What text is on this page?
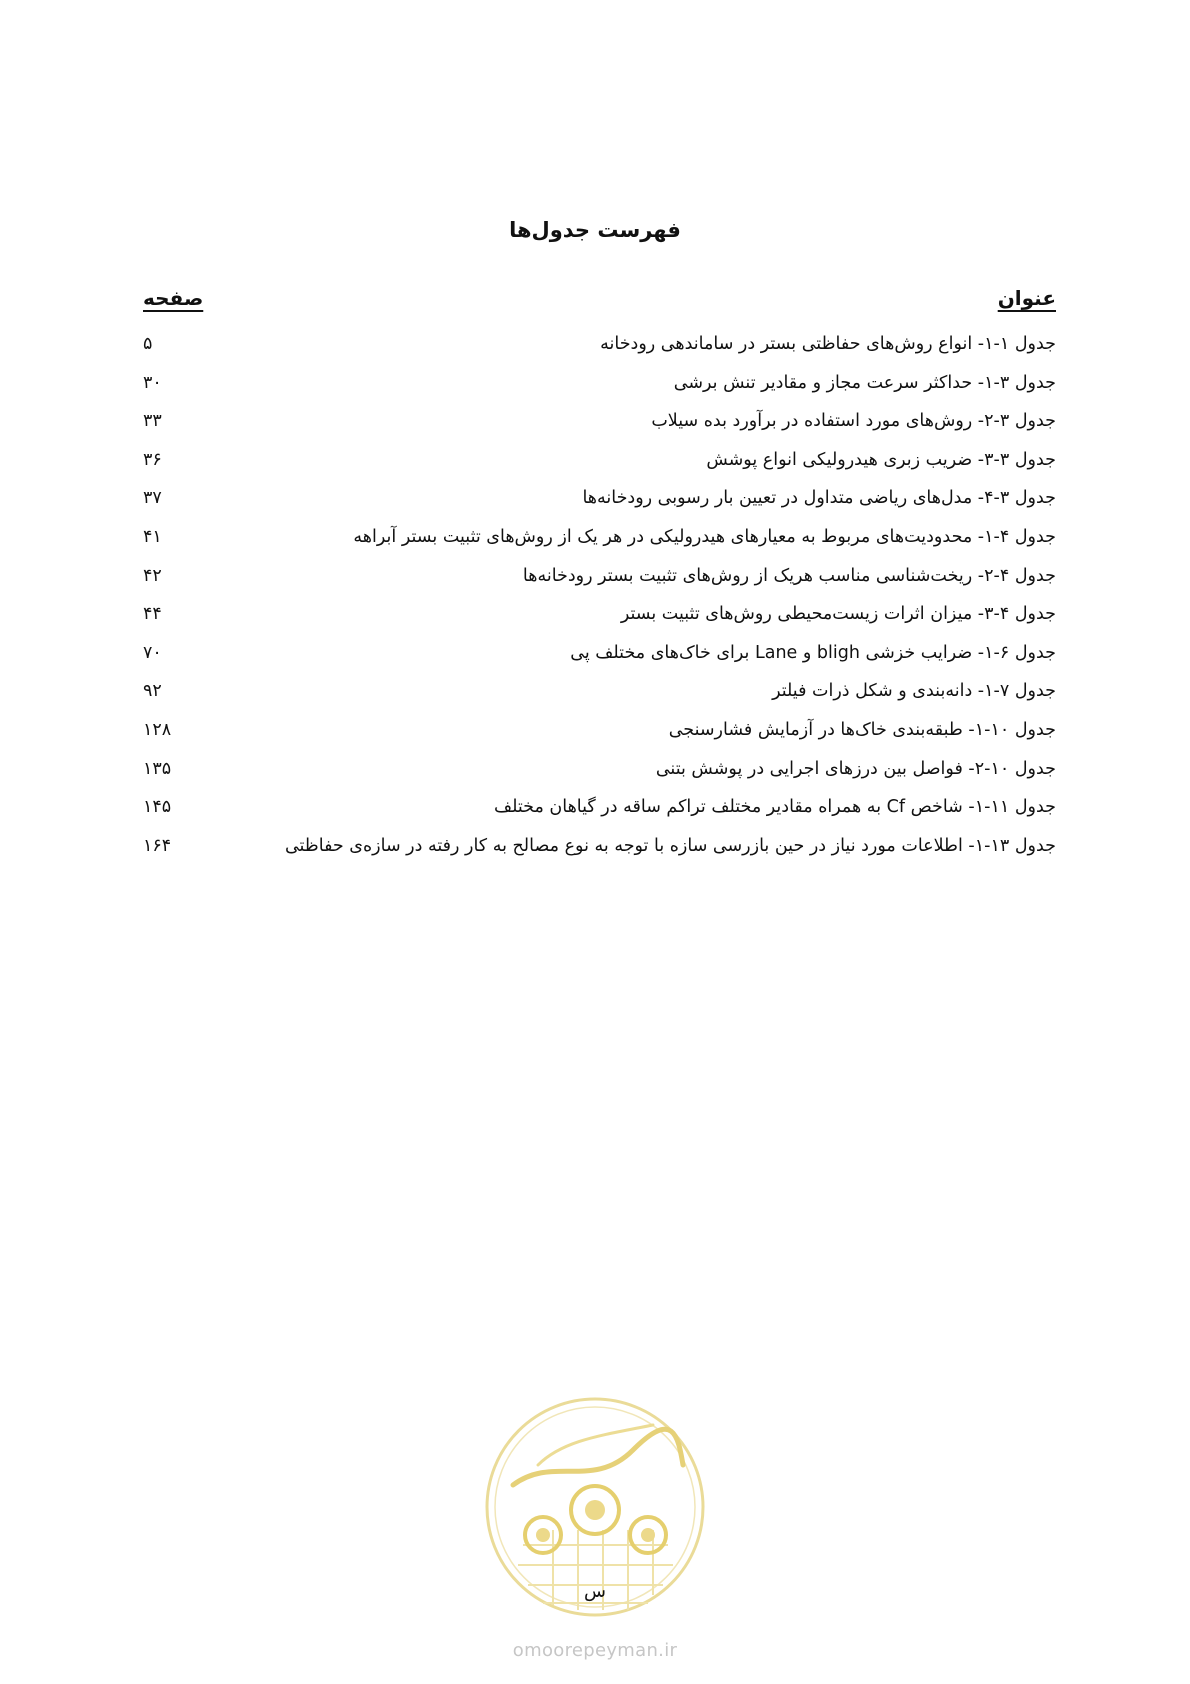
فهرست جدول‌ها
عنوان
صفحه
جدول ۱-۱- انواع روش‌های حفاظتی بستر در ساماندهی رودخانه
۵
جدول ۳-۱- حداکثر سرعت مجاز و مقادیر تنش برشی
۳۰
جدول ۳-۲- روش‌های مورد استفاده در برآورد بده سیلاب
۳۳
جدول ۳-۳- ضریب زبری هیدرولیکی انواع پوشش
۳۶
جدول ۳-۴- مدل‌های ریاضی متداول در تعیین بار رسوبی رودخانه‌ها
۳۷
جدول ۴-۱- محدودیت‌های مربوط به معیارهای هیدرولیکی در هر یک از روش‌های تثبیت بستر آبراهه
۴۱
جدول ۴-۲- ریخت‌شناسی مناسب هریک از روش‌های تثبیت بستر رودخانه‌ها
۴۲
جدول ۴-۳- میزان اثرات زیست‌محیطی روش‌های تثبیت بستر
۴۴
جدول ۶-۱- ضرایب خزشی bligh و Lane برای خاک‌های مختلف پی
۷۰
جدول ۷-۱- دانه‌بندی و شکل ذرات فیلتر
۹۲
جدول ۱۰-۱- طبقه‌بندی خاک‌ها در آزمایش فشارسنجی
۱۲۸
جدول ۱۰-۲- فواصل بین درزهای اجرایی در پوشش بتنی
۱۳۵
جدول ۱۱-۱- شاخص Cf به همراه مقادیر مختلف تراکم ساقه در گیاهان مختلف
۱۴۵
جدول ۱۳-۱- اطلاعات مورد نیاز در حین بازرسی سازه با توجه به نوع مصالح به کار رفته در سازه‌ی حفاظتی
۱۶۴
س
omoorepeyman.ir
